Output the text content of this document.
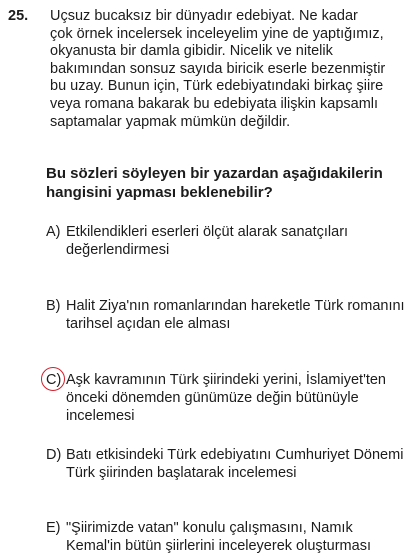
25. Uçsuz bucaksız bir dünyadır edebiyat. Ne kadar
çok örnek incelersek inceleyelim yine de yaptığımız,
okyanusta bir damla gibidir. Nicelik ve nitelik
bakımından sonsuz sayıda biricik eserle bezenmiştir
bu uzay. Bunun için, Türk edebiyatındaki birkaç şiire
veya romana bakarak bu edebiyata ilişkin kapsamlı
saptamalar yapmak mümkün değildir.
Bu sözleri söyleyen bir yazardan aşağıdakilerin
hangisini yapması beklenebilir?
A) Etkilendikleri eserleri ölçüt alarak sanatçıları
değerlendirmesi
B) Halit Ziya'nın romanlarından hareketle Türk romanını
tarihsel açıdan ele alması
C) Aşk kavramının Türk şiirindeki yerini, İslamiyet'ten
önceki dönemden günümüze değin bütünüyle
incelemesi
D) Batı etkisindeki Türk edebiyatını Cumhuriyet Dönemi
Türk şiirinden başlatarak incelemesi
E) "Şiirimizde vatan" konulu çalışmasını, Namık
Kemal'in bütün şiirlerini inceleyerek oluşturması
